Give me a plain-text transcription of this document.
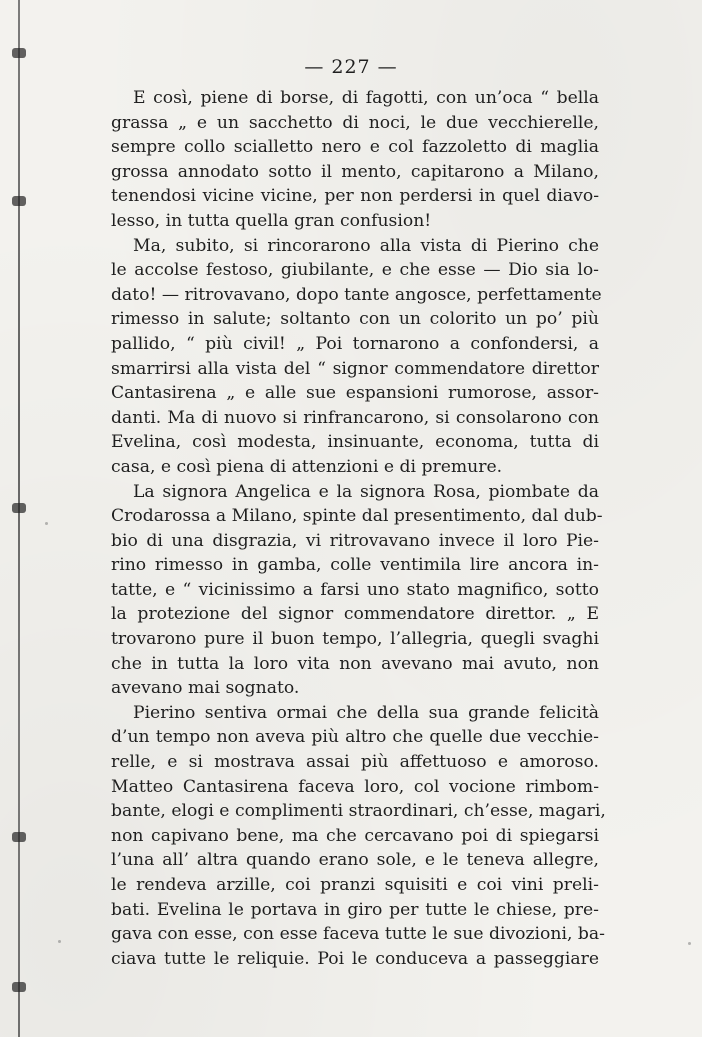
— 227 —
E così, piene di borse, di fagotti, con un’oca “ bella
grassa „ e un sacchetto di noci, le due vecchierelle,
sempre collo scialletto nero e col fazzoletto di maglia
grossa annodato sotto il mento, capitarono a Milano,
tenendosi vicine vicine, per non perdersi in quel diavo-
lesso, in tutta quella gran confusion!
Ma, subito, si rincorarono alla vista di Pierino che
le accolse festoso, giubilante, e che esse — Dio sia lo-
dato! — ritrovavano, dopo tante angosce, perfettamente
rimesso in salute; soltanto con un colorito un po’ più
pallido, “ più civil! „ Poi tornarono a confondersi, a
smarrirsi alla vista del “ signor commendatore direttor
Cantasirena „ e alle sue espansioni rumorose, assor-
danti. Ma di nuovo si rinfrancarono, si consolarono con
Evelina, così modesta, insinuante, economa, tutta di
casa, e così piena di attenzioni e di premure.
La signora Angelica e la signora Rosa, piombate da
Crodarossa a Milano, spinte dal presentimento, dal dub-
bio di una disgrazia, vi ritrovavano invece il loro Pie-
rino rimesso in gamba, colle ventimila lire ancora in-
tatte, e “ vicinissimo a farsi uno stato magnifico, sotto
la protezione del signor commendatore direttor. „ E
trovarono pure il buon tempo, l’allegria, quegli svaghi
che in tutta la loro vita non avevano mai avuto, non
avevano mai sognato.
Pierino sentiva ormai che della sua grande felicità
d’un tempo non aveva più altro che quelle due vecchie-
relle, e si mostrava assai più affettuoso e amoroso.
Matteo Cantasirena faceva loro, col vocione rimbom-
bante, elogi e complimenti straordinari, ch’esse, magari,
non capivano bene, ma che cercavano poi di spiegarsi
l’una all’ altra quando erano sole, e le teneva allegre,
le rendeva arzille, coi pranzi squisiti e coi vini preli-
bati. Evelina le portava in giro per tutte le chiese, pre-
gava con esse, con esse faceva tutte le sue divozioni, ba-
ciava tutte le reliquie. Poi le conduceva a passeggiare
